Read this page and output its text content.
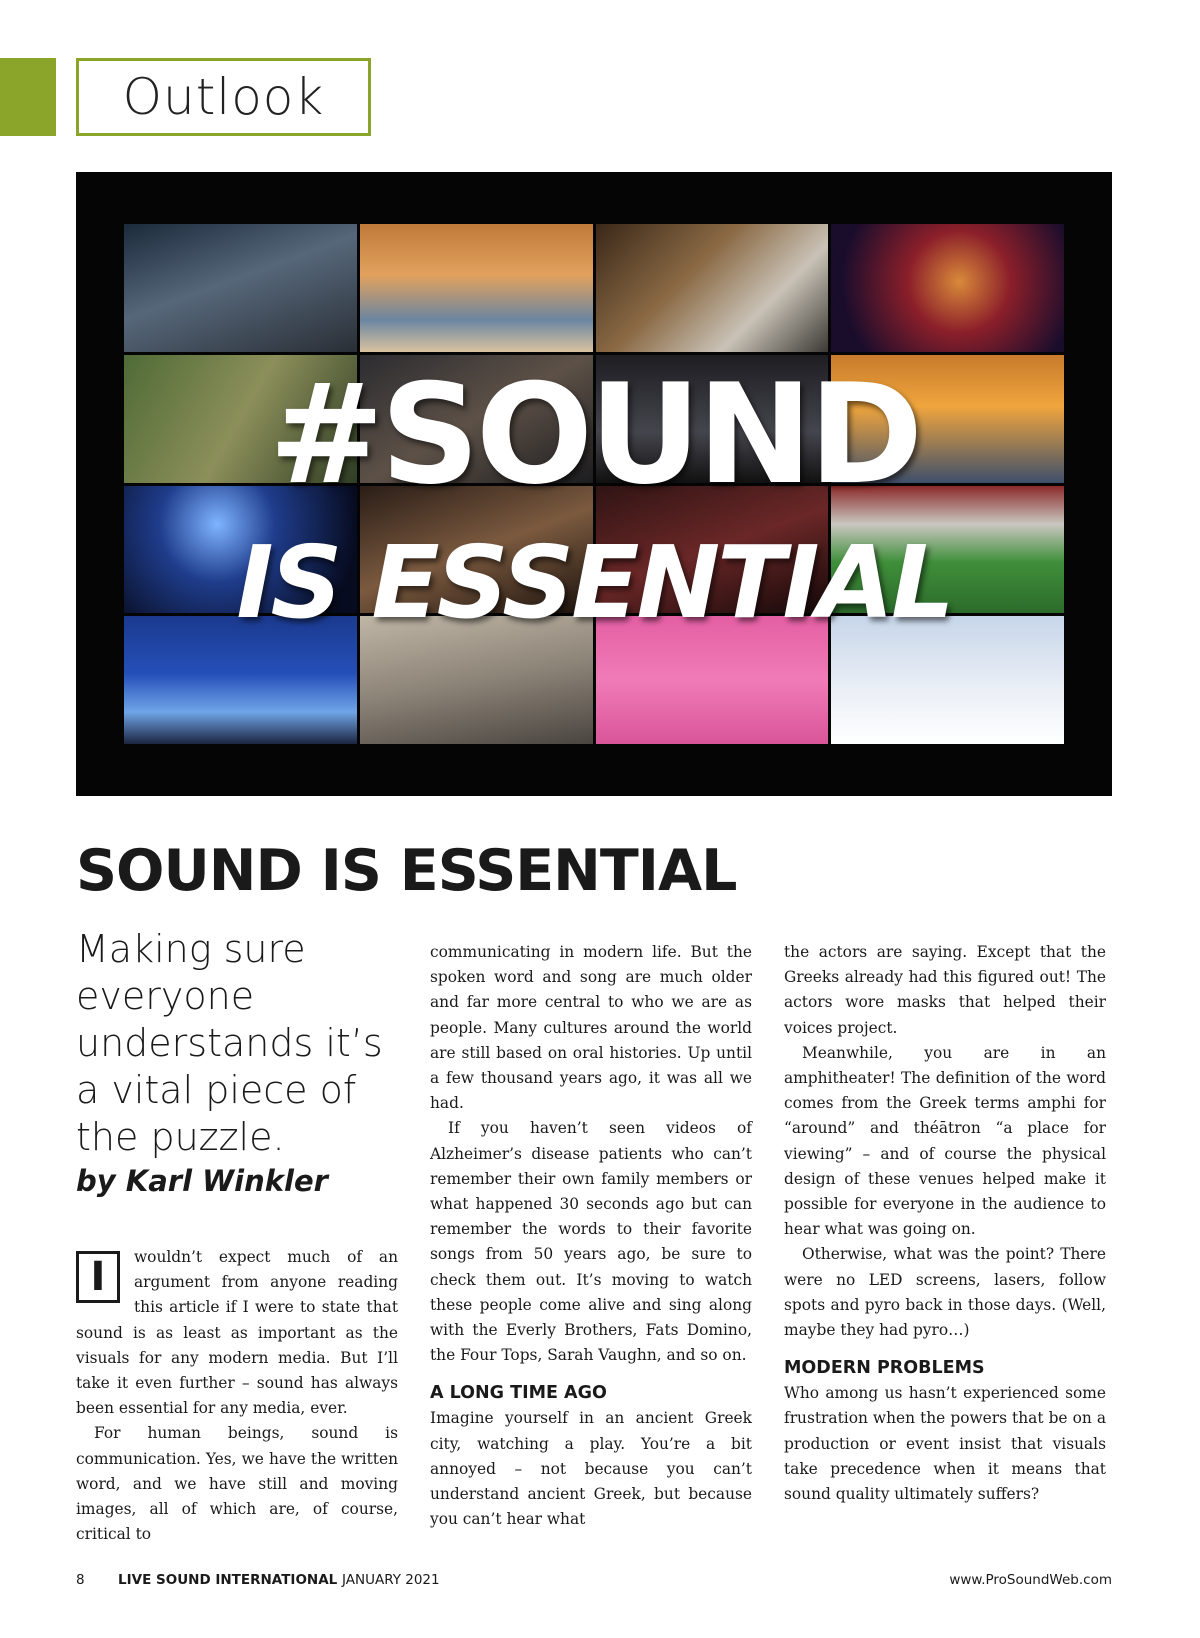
Outlook
#SOUND
IS ESSENTIAL
SOUND IS ESSENTIAL
Making sure everyone understands it’s a vital piece of the puzzle.
by Karl Winkler
I	wouldn’t expect much of an argument from anyone reading this article if I were to state that sound is as least as important as the visuals for any modern media. But I’ll take it even further – sound has always been essential for any media, ever.

For human beings, sound is communication. Yes, we have the written word, and we have still and moving images, all of which are, of course, critical to

communicating in modern life. But the spoken word and song are much older and far more central to who we are as people. Many cultures around the world are still based on oral histories. Up until a few thousand years ago, it was all we had.

If you haven’t seen videos of Alzheimer’s disease patients who can’t remember their own family members or what happened 30 seconds ago but can remember the words to their favorite songs from 50 years ago, be sure to check them out. It’s moving to watch these people come alive and sing along with the Everly Brothers, Fats Domino, the Four Tops, Sarah Vaughn, and so on.

A LONG TIME AGO

Imagine yourself in an ancient Greek city, watching a play. You’re a bit annoyed – not because you can’t understand ancient Greek, but because you can’t hear what

the actors are saying. Except that the Greeks already had this figured out! The actors wore masks that helped their voices project.

Meanwhile, you are in an amphitheater! The definition of the word comes from the Greek terms amphi for “around” and théātron “a place for viewing” – and of course the physical design of these venues helped make it possible for everyone in the audience to hear what was going on.

Otherwise, what was the point? There were no LED screens, lasers, follow spots and pyro back in those days. (Well, maybe they had pyro…)

MODERN PROBLEMS

Who among us hasn’t experienced some frustration when the powers that be on a production or event insist that visuals take precedence when it means that sound quality ultimately suffers?

8 LIVE SOUND INTERNATIONAL JANUARY 2021	www.ProSoundWeb.com
